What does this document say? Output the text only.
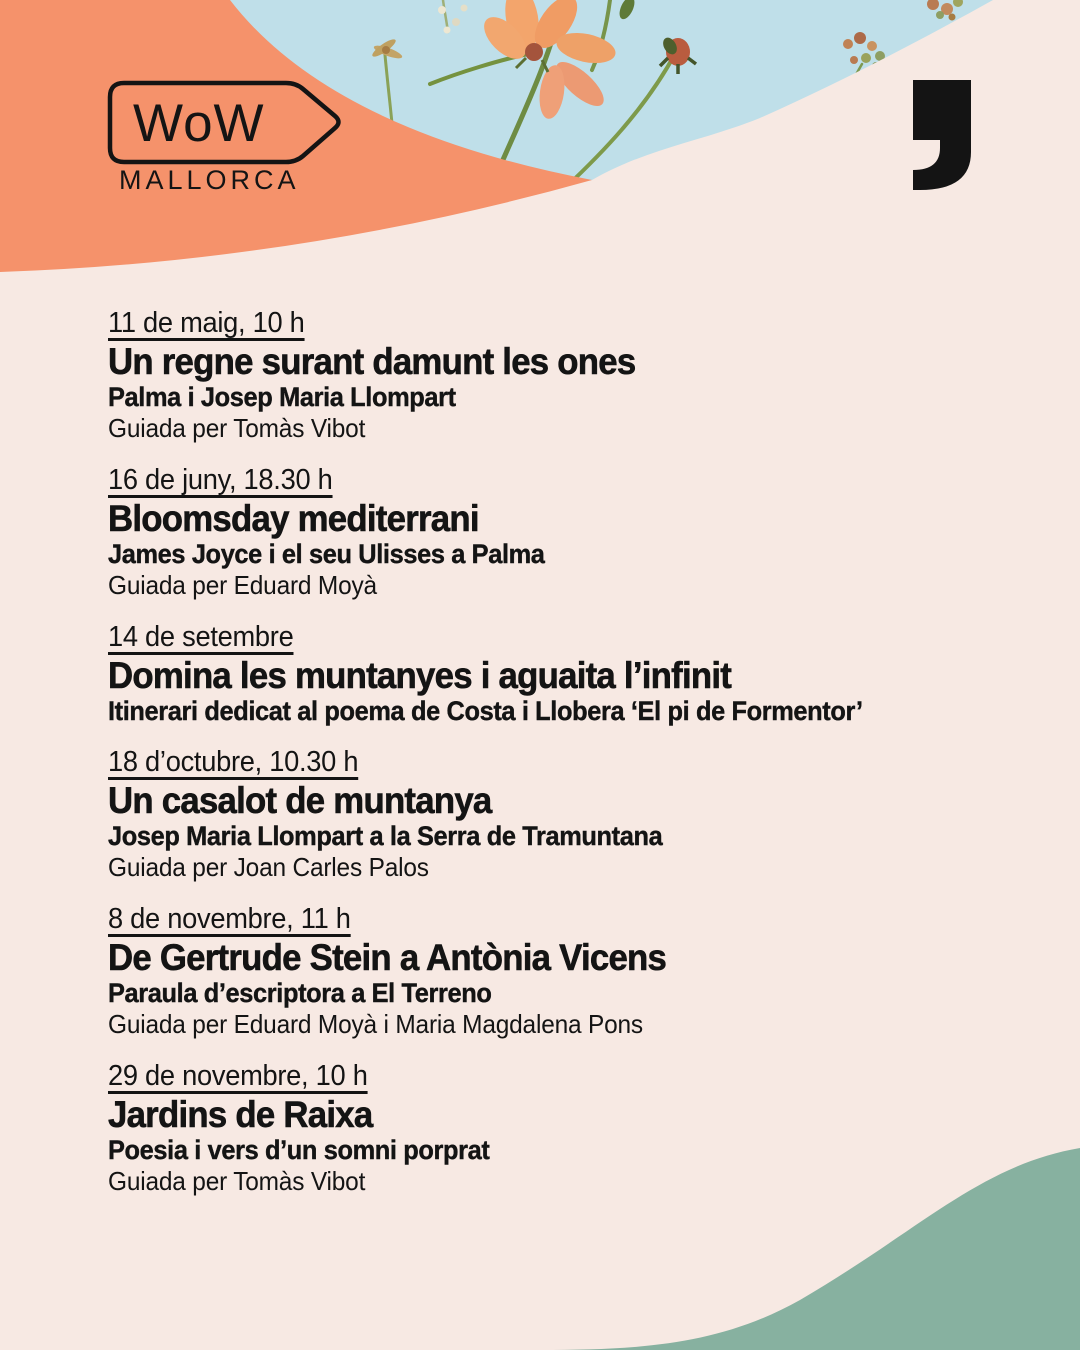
WoW
MALLORCA
11 de maig, 10 h
Un regne surant damunt les ones
Palma i Josep Maria Llompart
Guiada per Tomàs Vibot
16 de juny, 18.30 h
Bloomsday mediterrani
James Joyce i el seu Ulisses a Palma
Guiada per Eduard Moyà
14 de setembre
Domina les muntanyes i aguaita l’infinit
Itinerari dedicat al poema de Costa i Llobera ‘El pi de Formentor’
18 d’octubre, 10.30 h
Un casalot de muntanya
Josep Maria Llompart a la Serra de Tramuntana
Guiada per Joan Carles Palos
8 de novembre, 11 h
De Gertrude Stein a Antònia Vicens
Paraula d’escriptora a El Terreno
Guiada per Eduard Moyà i Maria Magdalena Pons
29 de novembre, 10 h
Jardins de Raixa
Poesia i vers d’un somni porprat
Guiada per Tomàs Vibot
